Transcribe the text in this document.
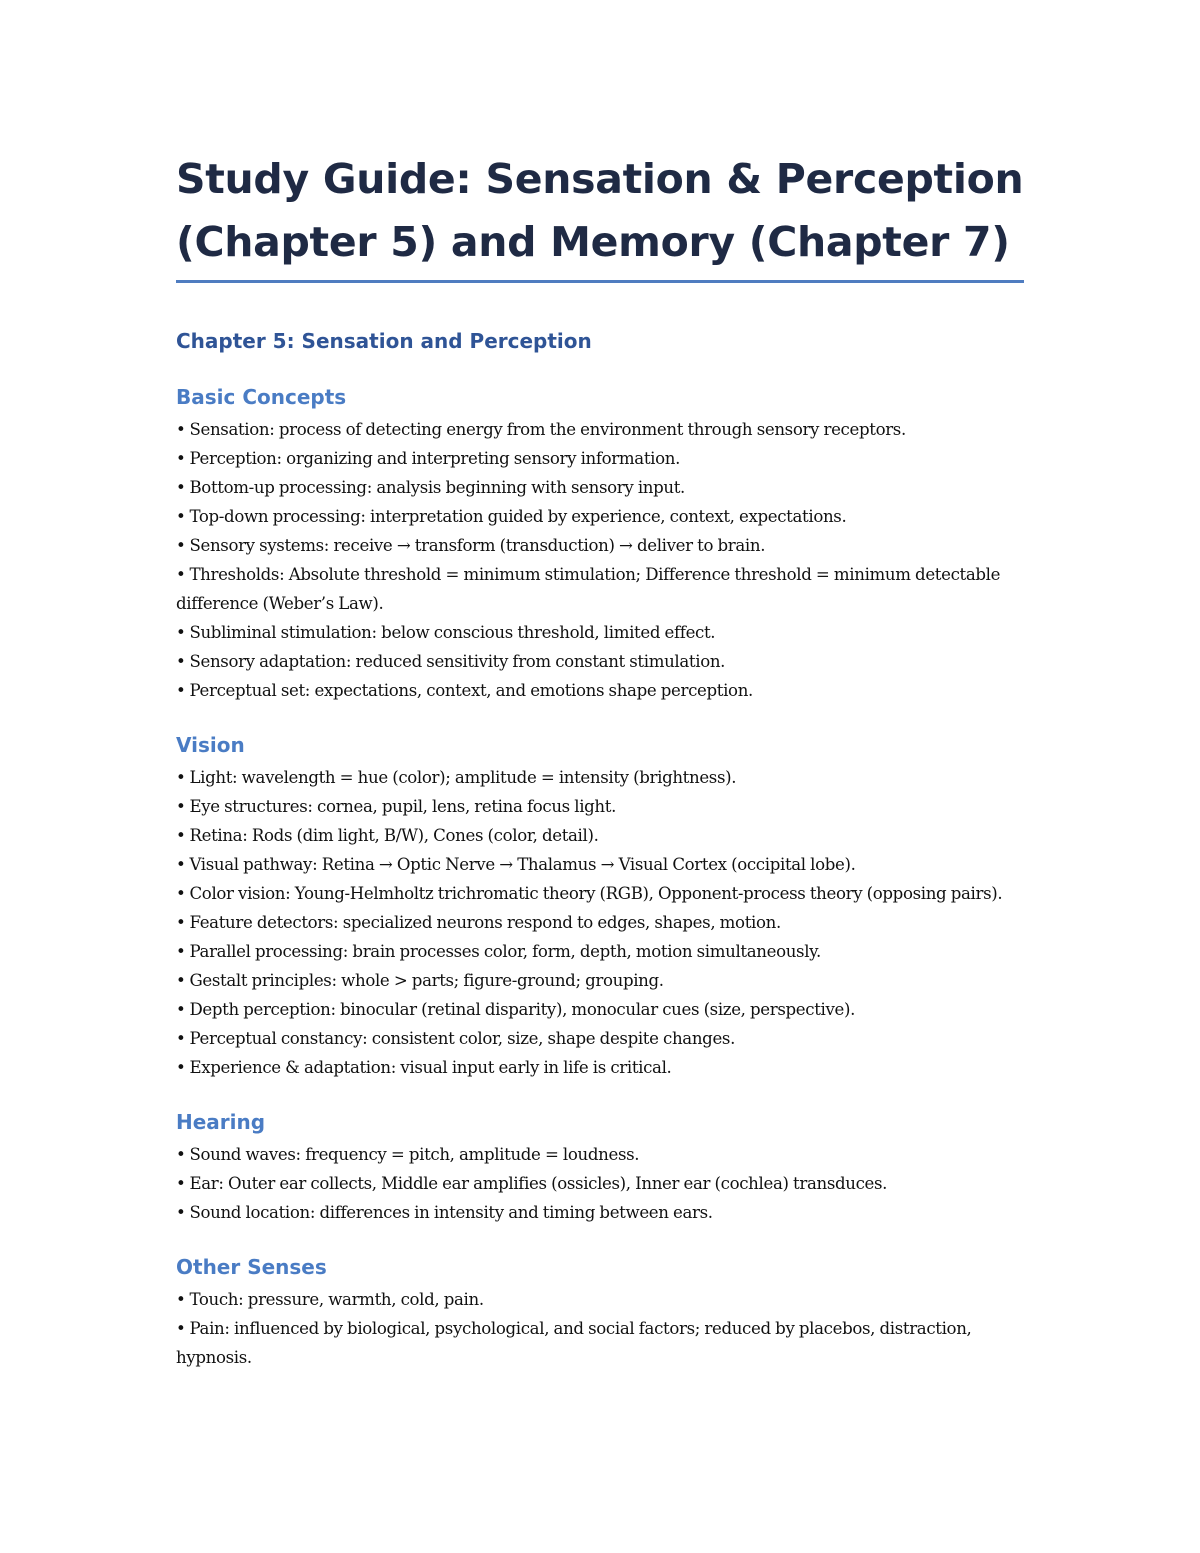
Study Guide: Sensation & Perception
(Chapter 5) and Memory (Chapter 7)
Chapter 5: Sensation and Perception
Basic Concepts
• Sensation: process of detecting energy from the environment through sensory receptors.
• Perception: organizing and interpreting sensory information.
• Bottom-up processing: analysis beginning with sensory input.
• Top-down processing: interpretation guided by experience, context, expectations.
• Sensory systems: receive → transform (transduction) → deliver to brain.
• Thresholds: Absolute threshold = minimum stimulation; Difference threshold = minimum detectable difference (Weber’s Law).
• Subliminal stimulation: below conscious threshold, limited effect.
• Sensory adaptation: reduced sensitivity from constant stimulation.
• Perceptual set: expectations, context, and emotions shape perception.
Vision
• Light: wavelength = hue (color); amplitude = intensity (brightness).
• Eye structures: cornea, pupil, lens, retina focus light.
• Retina: Rods (dim light, B/W), Cones (color, detail).
• Visual pathway: Retina → Optic Nerve → Thalamus → Visual Cortex (occipital lobe).
• Color vision: Young-Helmholtz trichromatic theory (RGB), Opponent-process theory (opposing pairs).
• Feature detectors: specialized neurons respond to edges, shapes, motion.
• Parallel processing: brain processes color, form, depth, motion simultaneously.
• Gestalt principles: whole > parts; figure-ground; grouping.
• Depth perception: binocular (retinal disparity), monocular cues (size, perspective).
• Perceptual constancy: consistent color, size, shape despite changes.
• Experience & adaptation: visual input early in life is critical.
Hearing
• Sound waves: frequency = pitch, amplitude = loudness.
• Ear: Outer ear collects, Middle ear amplifies (ossicles), Inner ear (cochlea) transduces.
• Sound location: differences in intensity and timing between ears.
Other Senses
• Touch: pressure, warmth, cold, pain.
• Pain: influenced by biological, psychological, and social factors; reduced by placebos, distraction, hypnosis.
